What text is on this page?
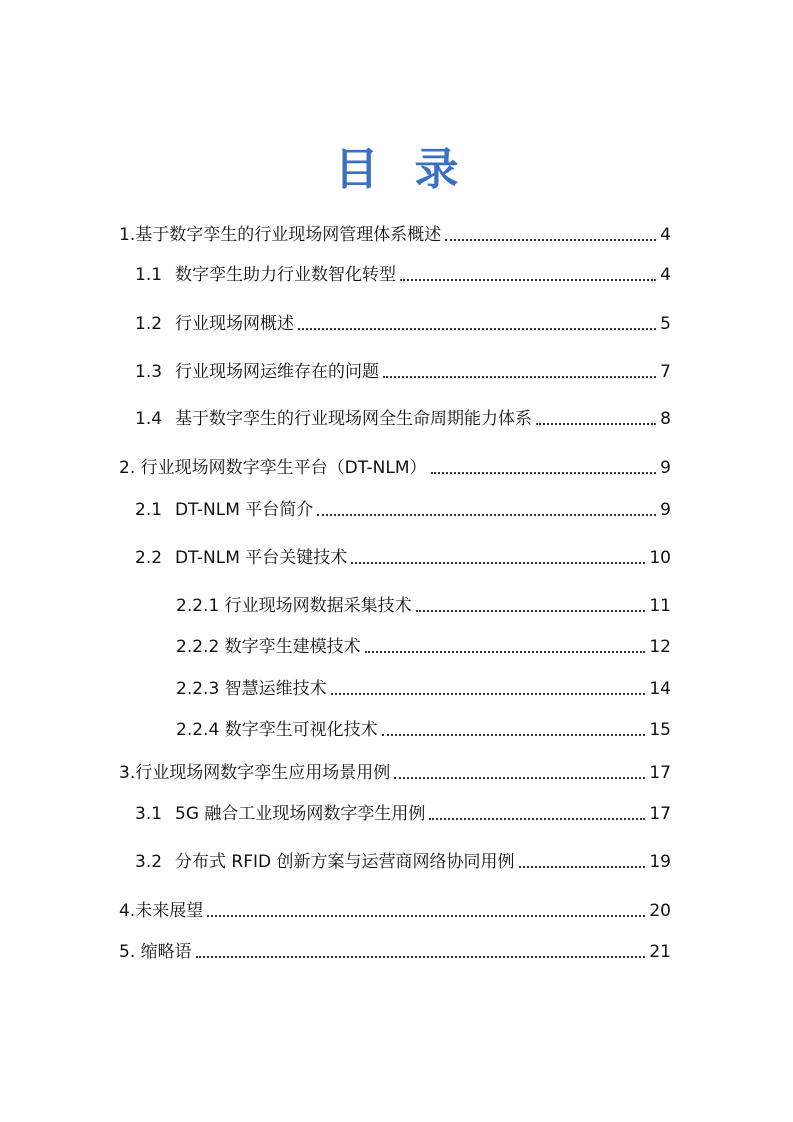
目录
1. 基于数字孪生的行业现场网管理体系概述	4
1.1 数字孪生助力行业数智化转型	4
1.2 行业现场网概述	5
1.3 行业现场网运维存在的问题	7
1.4 基于数字孪生的行业现场网全生命周期能力体系	8
2. 行业现场网数字孪生平台（DT-NLM）	9
2.1 DT-NLM 平台简介	9
2.2 DT-NLM 平台关键技术	10
2.2.1 行业现场网数据采集技术	11
2.2.2 数字孪生建模技术	12
2.2.3 智慧运维技术	14
2.2.4 数字孪生可视化技术	15
3. 行业现场网数字孪生应用场景用例	17
3.1 5G 融合工业现场网数字孪生用例	17
3.2 分布式 RFID 创新方案与运营商网络协同用例	19
4. 未来展望	20
5. 缩略语	21
